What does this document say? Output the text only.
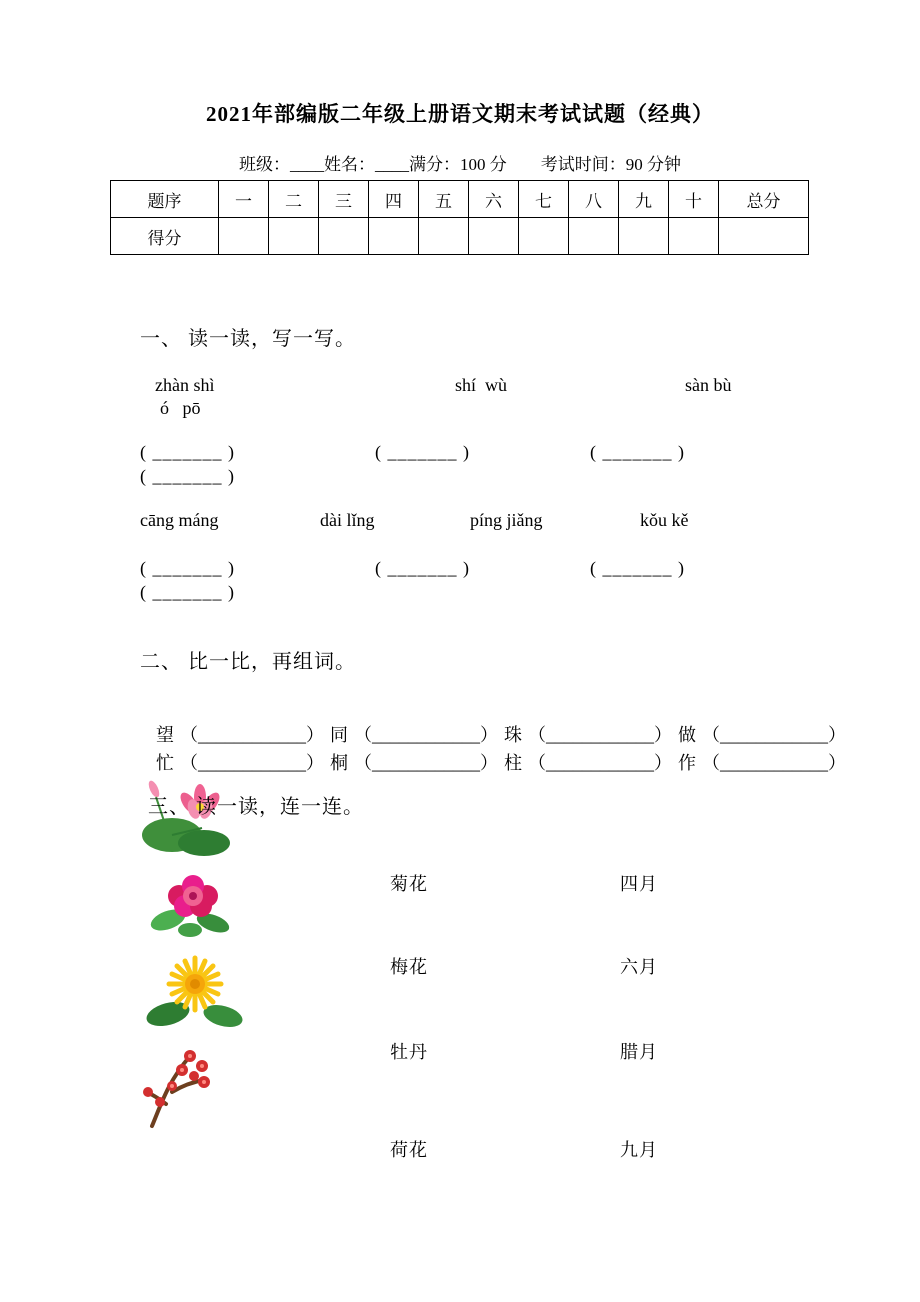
2021年部编版二年级上册语文期末考试试题（经典）
班级：____姓名：____满分：100 分　　考试时间：90 分钟
题序	一	二	三	四	五	六	七	八	九	十	总分
得分											
一、 读一读，写一写。
zhàn shì	shí  wù	sàn bù
ó   pō
( _______ )	( _______ )	( _______ )
( _______ )
cāng máng	dài lǐng	píng jiǎng	kǒu kě
( _______ )	( _______ )	( _______ )
( _______ )
二、 比一比，再组词。

望 （____________） 同 （____________） 珠 （____________） 做 （____________）

忙 （____________） 桐 （____________） 柱 （____________） 作 （____________）

三、 读一读，连一连。
菊花
梅花
牡丹
荷花
四月
六月
腊月
九月
